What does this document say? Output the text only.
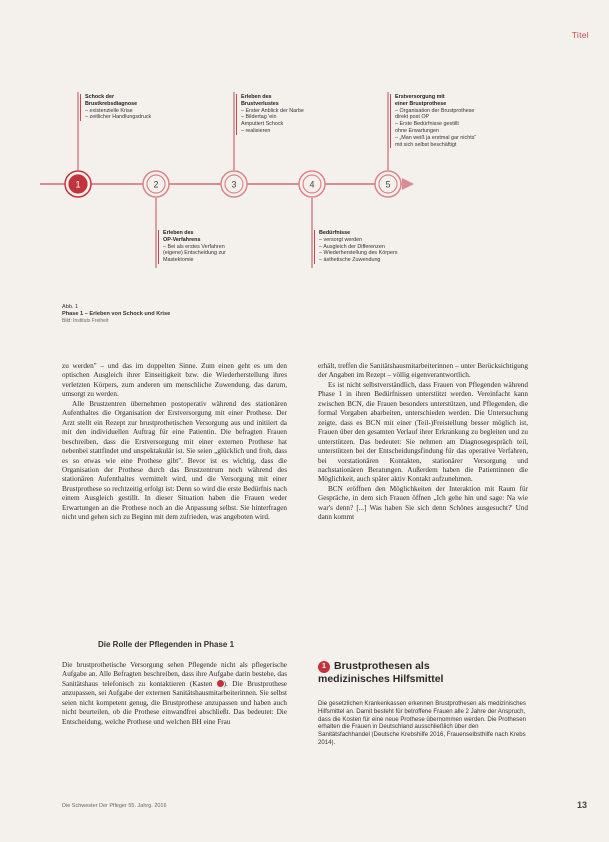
Titel
1	2	3	4	5
Schock der
Brustkrebsdiagnose
– existenzielle Krise
– zeitlicher Handlungsdruck
Erleben des
Brustverlustes
– Erster Anblick der Narbe
– Bildertag 'ein
Amputiert Schock
– realisieren
Erstversorgung mit
einer Brustprothese
– Organisation der Brustprothese
direkt post OP
– Erste Bedürfnisse gestillt
ohne Erwartungen
– „Man weiß ja erstmal gar nichts“
mit sich selbst beschäftigt
Erleben des
OP-Verfahrens
– Bei als erstes Verfahren
(eigene) Entscheidung zur
Mastektomie
Bedürfnisse
– versorgt werden
– Ausgleich der Differenzen
– Wiederherstellung des Körpers
– ästhetische Zuwendung
Abb. 1
Phase 1 – Erleben von Schock und Krise
Bild: Instituts Freiheit

zu werden" – und das im doppelten Sinne. Zum einen geht es um den optischen Ausgleich ihrer Einseitigkeit bzw. die Wiederherstellung ihres verletzten Körpers, zum anderen um menschliche Zuwendung, das darum, umsorgt zu werden.

Alle Brustzentren übernehmen postoperativ während des stationären Aufenthaltes die Organisation der Erstversorgung mit einer Prothese. Der Arzt stellt ein Rezept zur brustprothetischen Versorgung aus und initiiert da mit den individuellen Auftrag für eine Patientin. Die befragten Frauen beschreiben, dass die Erstversorgung mit einer externen Prothese hat nebenbei stattfindet und unspektakulär ist. Sie seien „glücklich und froh, dass es so etwas wie eine Prothese gibt". Bevor ist es wichtig, dass die Organisation der Prothese durch das Brustzentrum noch während des stationären Aufenthaltes vermittelt wird, und die Versorgung mit einer Brustprothese so rechtzeitig erfolgt ist: Denn so wird die erste Bedürfnis nach einem Ausgleich gestillt. In dieser Situation haben die Frauen weder Erwartungen an die Prothese noch an die Anpassung selbst. Sie hinterfragen nicht und gehen sich zu Beginn mit dem zufrieden, was angeboten wird.

Die Rolle der Pflegenden in Phase 1

Die brustprothetische Versorgung sehen Pflegende nicht als pflegerische Aufgabe an. Alle Befragten beschreiben, dass ihre Aufgabe darin bestehe, das Sanitätshaus telefonisch zu kontaktieren (Kasten ). Die Brustprothese anzupassen, sei Aufgabe der externen Sanitätshausmitarbeiterinnen. Sie selbst seien nicht kompetent genug, die Brustprothese anzupassen und haben auch nicht beurteilen, ob die Prothese einwandfrei abschließt. Das bedeutet: Die Entscheidung, welche Prothese und welchen BH eine Frau

erhält, treffen die Sanitätshausmitarbeiterinnen – unter Berücksichtigung der Angaben im Rezept – völlig eigenverantwortlich.

Es ist nicht selbstverständlich, dass Frauen von Pflegenden während Phase 1 in ihren Bedürfnissen unterstützt werden. Vereinfacht kann zwischen BCN, die Frauen besonders unterstützen, und Pflegenden, die formal Vorgaben abarbeiten, unterschieden werden. Die Untersuchung zeigte, dass es BCN mit einer (Teil-)Freistellung besser möglich ist, Frauen über den gesamten Verlauf ihrer Erkrankung zu begleiten und zu unterstützen. Das bedeutet: Sie nehmen am Diagnosegespräch teil, unterstützen bei der Entscheidungsfindung für das operative Verfahren, bei vorstationären Kontakten, stationärer Versorgung und nachstationären Beratungen. Außerdem haben die Patientinnen die Möglichkeit, auch später aktiv Kontakt aufzunehmen.

BCN eröffnen den Möglichkeiten der Interaktion mit Raum für Gespräche, in dem sich Frauen öffnen „Ich gehe hin und sage: Na wie war's denn? [...] Was haben Sie sich denn Schönes ausgesucht?' Und dann kommt

1 Brustprothesen als
medizinisches Hilfsmittel
Die gesetzlichen Krankenkassen erkennen Brustprothesen als medizinisches Hilfsmittel an. Damit besteht für betroffene Frauen alle 2 Jahre der Anspruch, dass die Kosten für eine neue Prothese übernommen werden. Die Prothesen erhalten die Frauen in Deutschland ausschließlich über den Sanitätsfachhandel (Deutsche Krebshilfe 2016, Frauenselbsthilfe nach Krebs 2014).
Die Schwester Der Pfleger 55. Jahrg. 2016	13
